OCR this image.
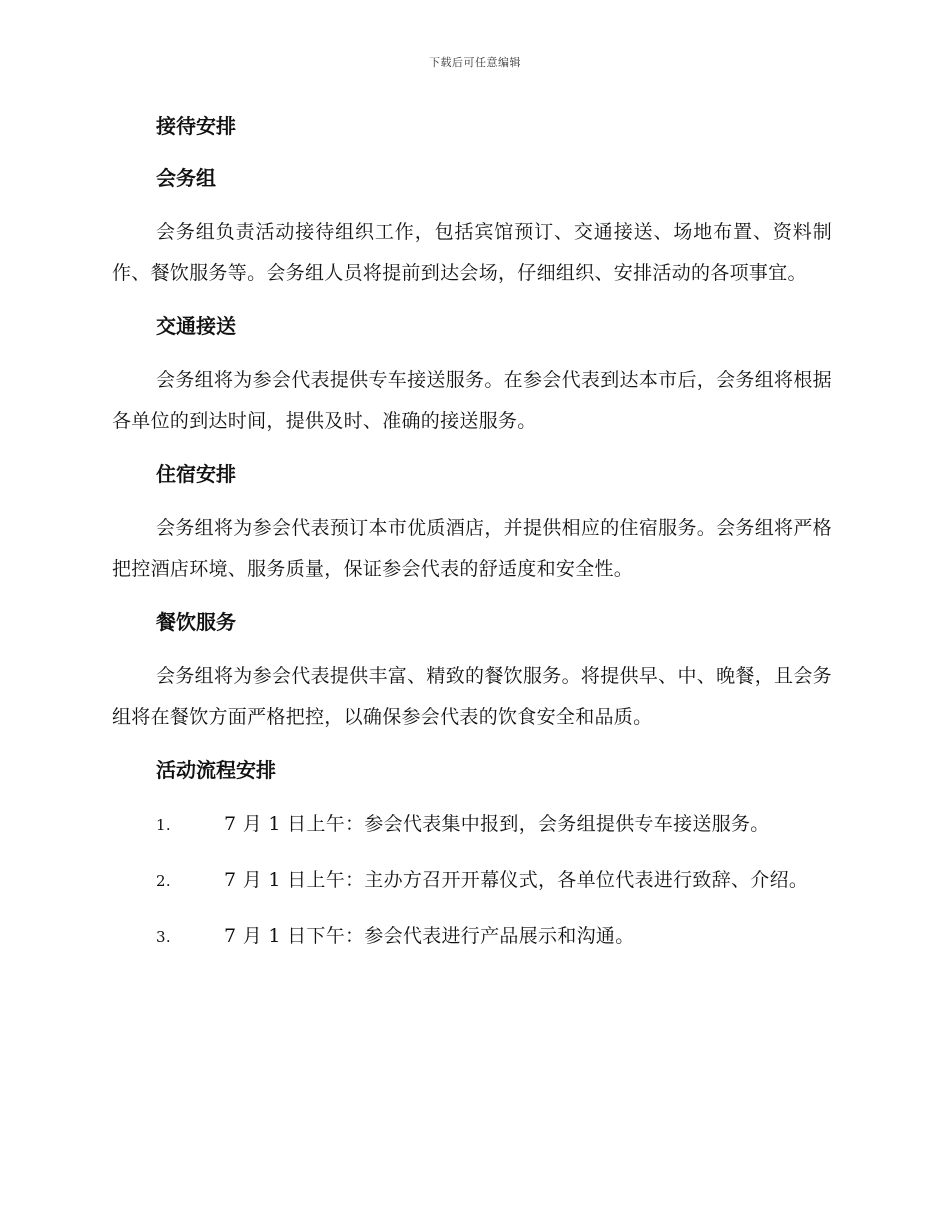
下载后可任意编辑
接待安排
会务组

会务组负责活动接待组织工作，包括宾馆预订、交通接送、场地布置、资料制作、餐饮服务等。会务组人员将提前到达会场，仔细组织、安排活动的各项事宜。

交通接送

会务组将为参会代表提供专车接送服务。在参会代表到达本市后，会务组将根据各单位的到达时间，提供及时、准确的接送服务。

住宿安排

会务组将为参会代表预订本市优质酒店，并提供相应的住宿服务。会务组将严格把控酒店环境、服务质量，保证参会代表的舒适度和安全性。

餐饮服务

会务组将为参会代表提供丰富、精致的餐饮服务。将提供早、中、晚餐，且会务组将在餐饮方面严格把控，以确保参会代表的饮食安全和品质。

活动流程安排
1.	7 月 1 日上午：参会代表集中报到，会务组提供专车接送服务。
2.	7 月 1 日上午：主办方召开开幕仪式，各单位代表进行致辞、介绍。
3.	7 月 1 日下午：参会代表进行产品展示和沟通。
